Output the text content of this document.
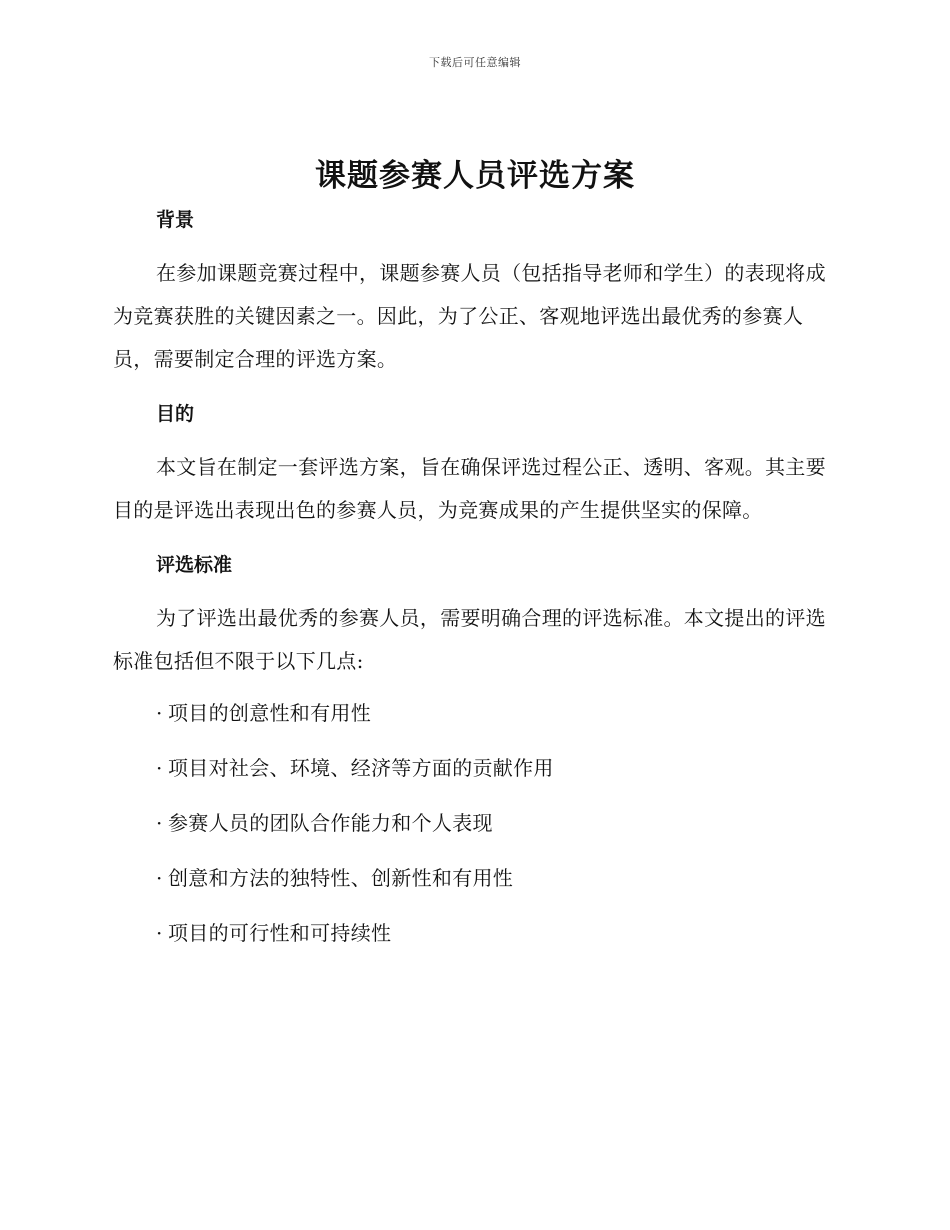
下载后可任意编辑
课题参赛人员评选方案
背景

在参加课题竞赛过程中，课题参赛人员（包括指导老师和学生）的表现将成为竞赛获胜的关键因素之一。因此，为了公正、客观地评选出最优秀的参赛人员，需要制定合理的评选方案。

目的

本文旨在制定一套评选方案，旨在确保评选过程公正、透明、客观。其主要目的是评选出表现出色的参赛人员，为竞赛成果的产生提供坚实的保障。

评选标准

为了评选出最优秀的参赛人员，需要明确合理的评选标准。本文提出的评选标准包括但不限于以下几点:

· 项目的创意性和有用性
· 项目对社会、环境、经济等方面的贡献作用
· 参赛人员的团队合作能力和个人表现
· 创意和方法的独特性、创新性和有用性
· 项目的可行性和可持续性
